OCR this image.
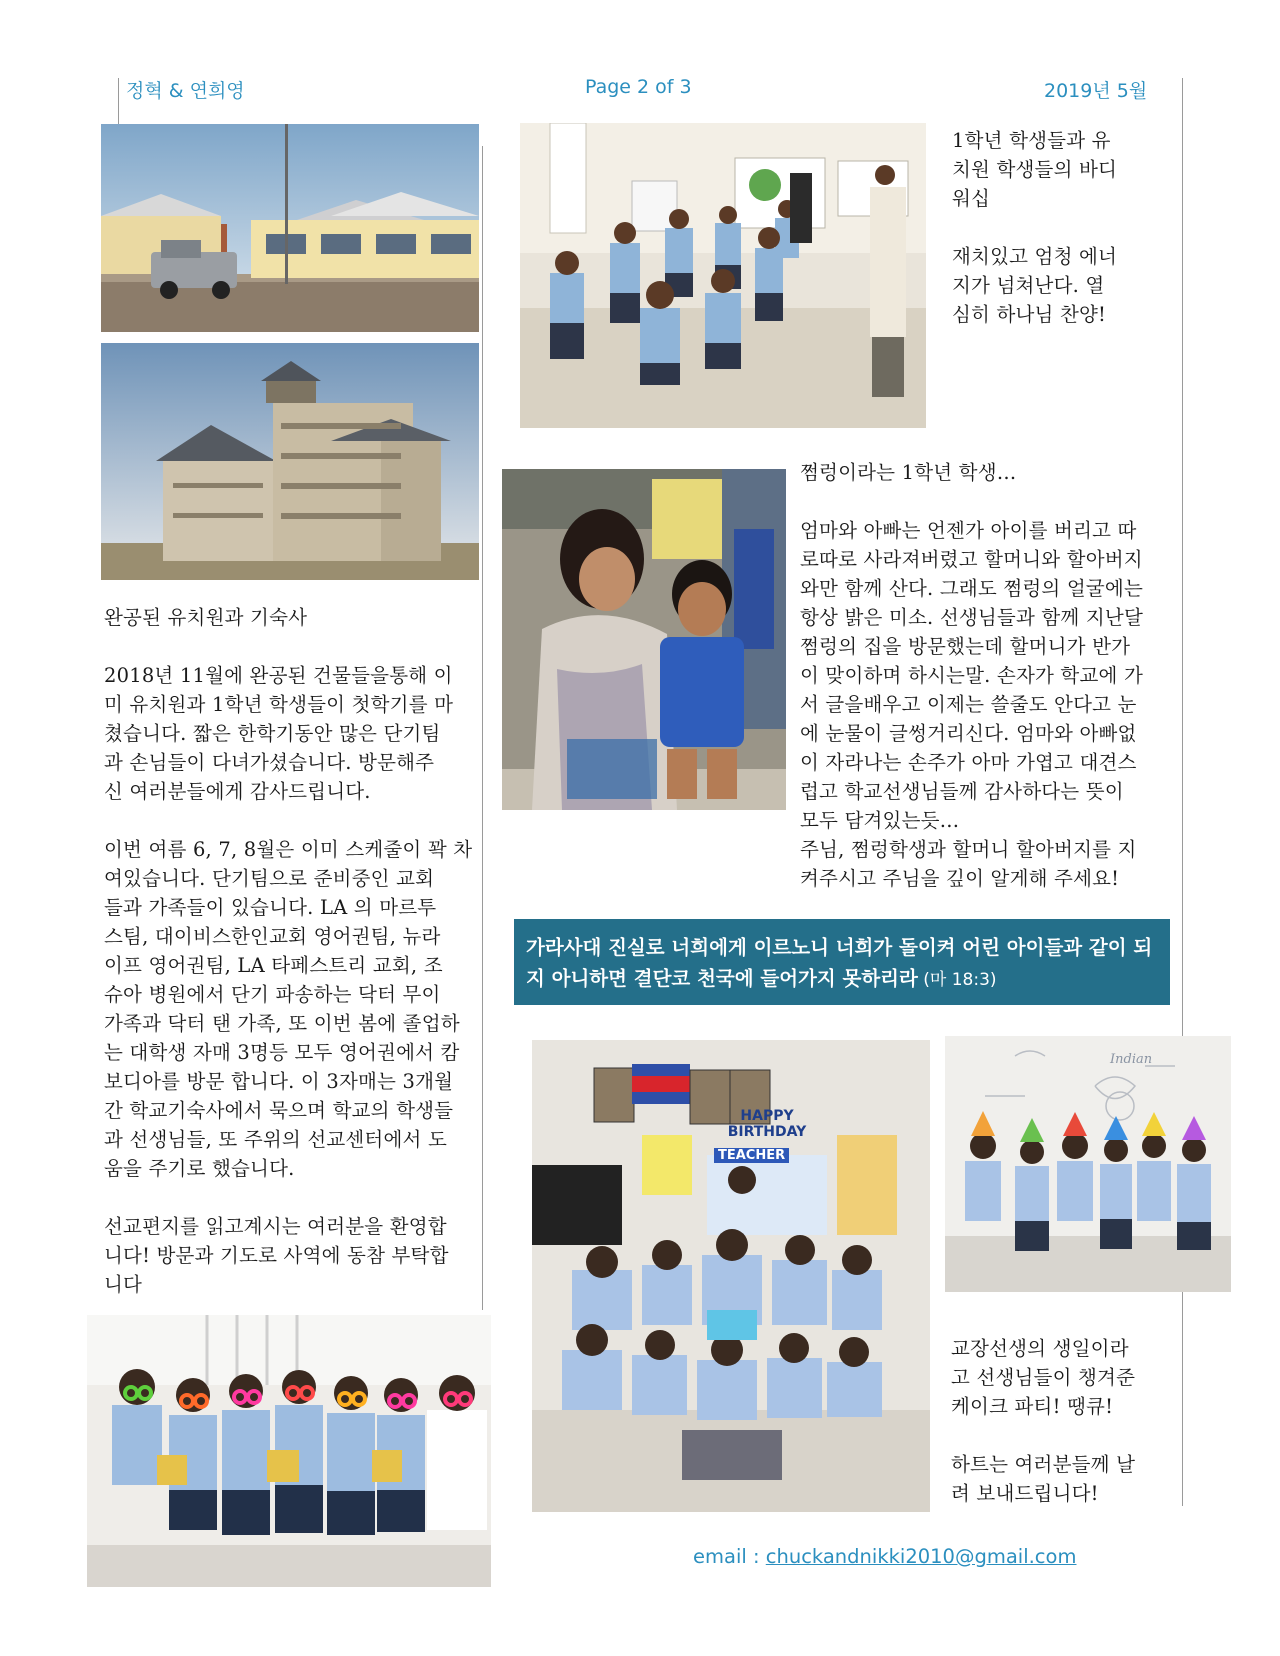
정혁 & 연희영	Page 2 of 3	2019년 5월
HAPPY BIRTHDAY
TEACHER
Indian
1학년 학생들과 유
치원 학생들의 바디
워십

재치있고 엄청 에너
지가 넘쳐난다. 열
심히 하나님 찬양!
쩜렁이라는 1학년 학생…

엄마와 아빠는 언젠가 아이를 버리고 따
로따로 사라져버렸고 할머니와 할아버지
와만 함께 산다. 그래도 쩜렁의 얼굴에는
항상 밝은 미소. 선생님들과 함께 지난달
쩜렁의 집을 방문했는데 할머니가 반가
이 맞이하며 하시는말. 손자가 학교에 가
서 글을배우고 이제는 쓸줄도 안다고 눈
에 눈물이 글썽거리신다. 엄마와 아빠없
이 자라나는 손주가 아마 가엽고 대견스
럽고 학교선생님들께 감사하다는 뜻이
모두 담겨있는듯…
주님, 쩜렁학생과 할머니 할아버지를 지
켜주시고 주님을 깊이 알게해 주세요!
완공된 유치원과 기숙사

2018년 11월에 완공된 건물들을통해 이
미 유치원과 1학년 학생들이 첫학기를 마
쳤습니다. 짧은 한학기동안 많은 단기팀
과 손님들이 다녀가셨습니다. 방문해주
신 여러분들에게 감사드립니다.

이번 여름 6, 7, 8월은 이미 스케줄이 꽉 차
여있습니다. 단기팀으로 준비중인 교회
들과 가족들이 있습니다. LA 의 마르투
스팀, 대이비스한인교회 영어권팀, 뉴라
이프 영어권팀, LA 타페스트리 교회, 조
슈아 병원에서 단기 파송하는 닥터 무이
가족과 닥터 탠 가족, 또 이번 봄에 졸업하
는 대학생 자매 3명등 모두 영어권에서 캄
보디아를 방문 합니다. 이 3자매는 3개월
간 학교기숙사에서 묵으며 학교의 학생들
과 선생님들, 또 주위의 선교센터에서 도
움을 주기로 했습니다.

선교편지를 읽고계시는 여러분을 환영합
니다! 방문과 기도로 사역에 동참 부탁합
니다
교장선생의 생일이라
고 선생님들이 챙겨준
케이크 파티! 땡큐!

하트는 여러분들께 날
려 보내드립니다!
가라사대 진실로 너희에게 이르노니 너희가 돌이켜 어린 아이들과 같이 되지 아니하면 결단코 천국에 들어가지 못하리라 (마 18:3)
email : chuckandnikki2010@gmail.com
